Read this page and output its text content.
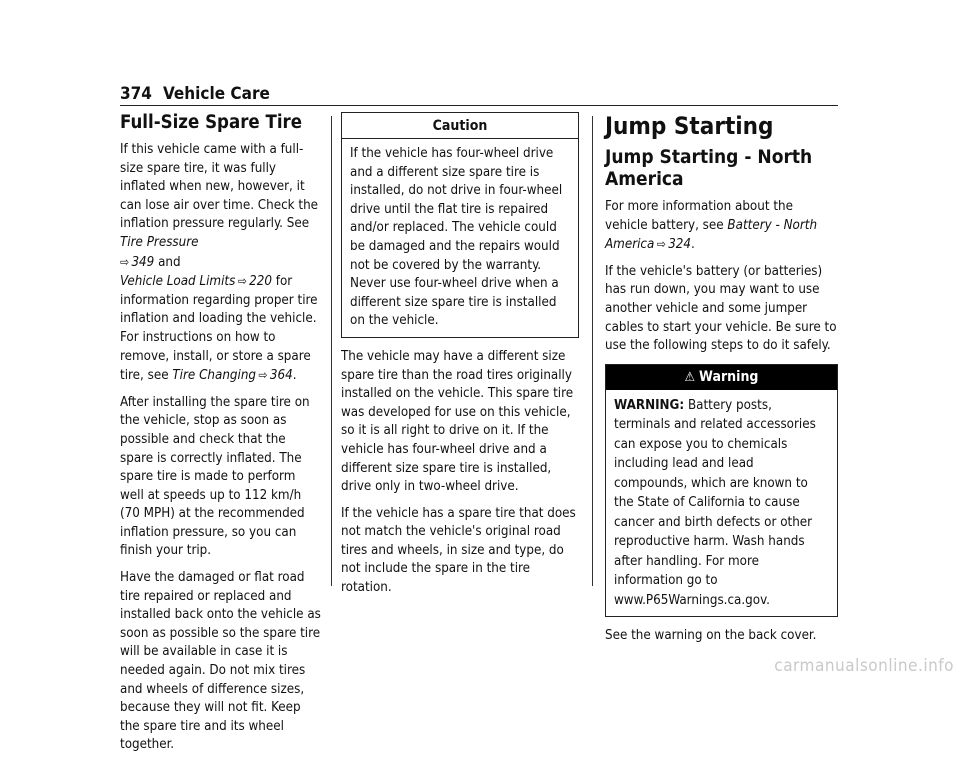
374 Vehicle Care
Full-Size Spare Tire

If this vehicle came with a full-size spare tire, it was fully inflated when new, however, it can lose air over time. Check the inflation pressure regularly. See Tire Pressure
⇨  349 and
Vehicle Load Limits  ⇨  220 for information regarding proper tire inflation and loading the vehicle. For instructions on how to remove, install, or store a spare tire, see Tire Changing  ⇨  364.

After installing the spare tire on the vehicle, stop as soon as possible and check that the spare is correctly inflated. The spare tire is made to perform well at speeds up to 112 km/h (70 MPH) at the recommended inflation pressure, so you can finish your trip.

Have the damaged or flat road tire repaired or replaced and installed back onto the vehicle as soon as possible so the spare tire will be available in case it is needed again. Do not mix tires and wheels of difference sizes, because they will not fit. Keep the spare tire and its wheel together.

Caution

If the vehicle has four-wheel drive and a different size spare tire is installed, do not drive in four-wheel drive until the flat tire is repaired and/or replaced. The vehicle could be damaged and the repairs would not be covered by the warranty. Never use four-wheel drive when a different size spare tire is installed on the vehicle.

The vehicle may have a different size spare tire than the road tires originally installed on the vehicle. This spare tire was developed for use on this vehicle, so it is all right to drive on it. If the vehicle has four-wheel drive and a different size spare tire is installed, drive only in two-wheel drive.

If the vehicle has a spare tire that does not match the vehicle's original road tires and wheels, in size and type, do not include the spare in the tire rotation.

Jump Starting
Jump Starting - North America

For more information about the vehicle battery, see Battery - North America  ⇨  324.

If the vehicle's battery (or batteries) has run down, you may want to use another vehicle and some jumper cables to start your vehicle. Be sure to use the following steps to do it safely.

⚠ Warning

WARNING: Battery posts, terminals and related accessories can expose you to chemicals including lead and lead compounds, which are known to the State of California to cause cancer and birth defects or other reproductive harm. Wash hands after handling. For more information go to www.P65Warnings.ca.gov.

See the warning on the back cover.

carmanualsonline.info
